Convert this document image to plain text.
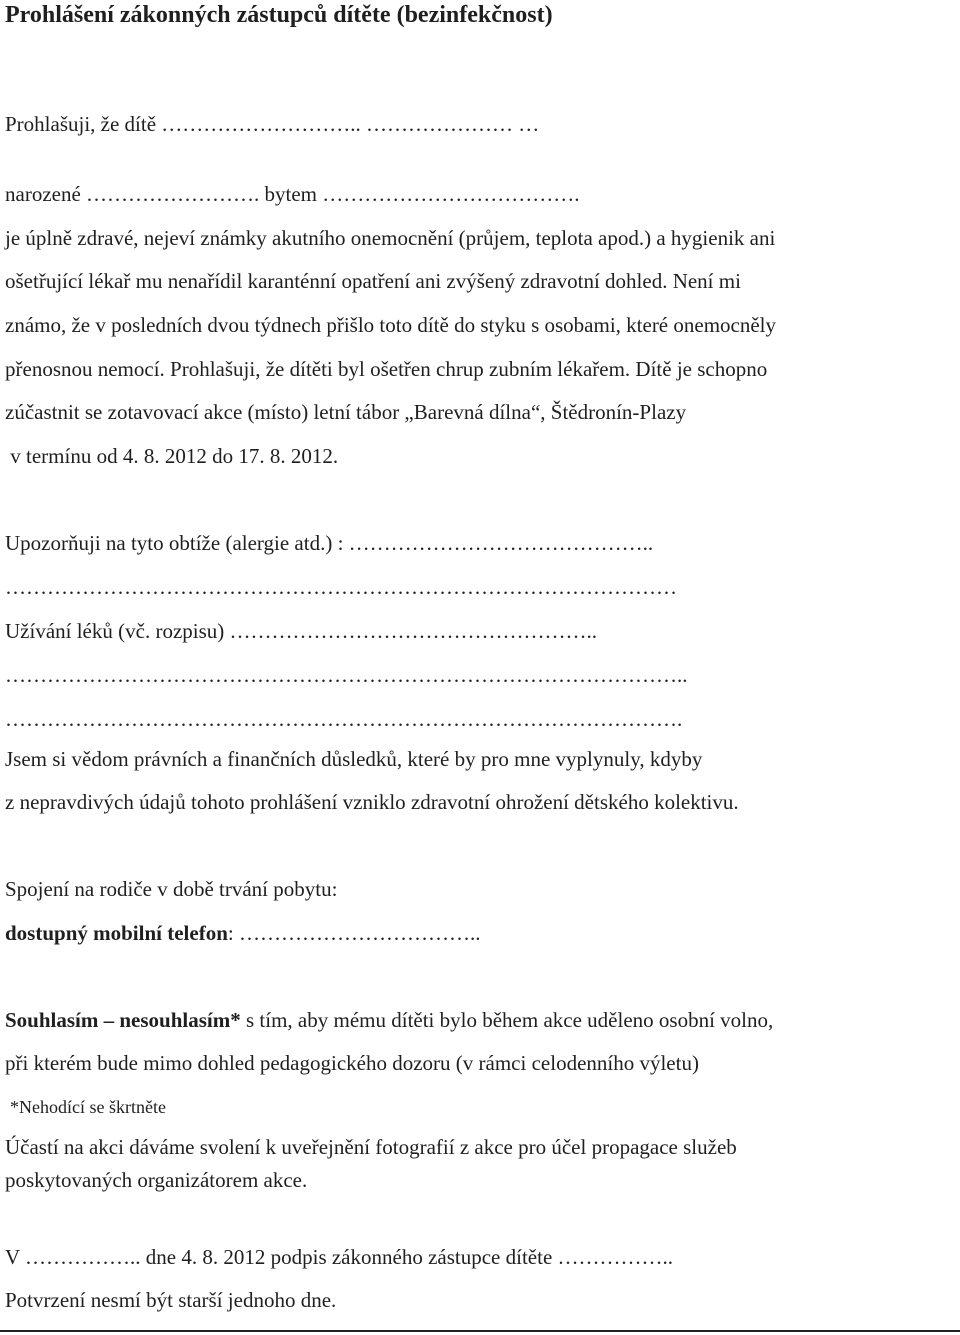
Prohlášení zákonných zástupců dítěte (bezinfekčnost)
Prohlašuji, že dítě ……………………….. ………………… …
narozené ……………………. bytem ……………………………….
je úplně zdravé, nejeví známky akutního onemocnění (průjem, teplota apod.) a hygienik ani
ošetřující lékař mu nenařídil karanténní opatření ani zvýšený zdravotní dohled. Není mi
známo, že v posledních dvou týdnech přišlo toto dítě do styku s osobami, které onemocněly
přenosnou nemocí. Prohlašuji, že dítěti byl ošetřen chrup zubním lékařem. Dítě je schopno
zúčastnit se zotavovací akce (místo) letní tábor „Barevná dílna“, Štědronín-Plazy
v termínu od 4. 8. 2012 do 17. 8. 2012.
Upozorňuji na tyto obtíže (alergie atd.) : ……………………………………..
……………………………………………………………………………………
Užívání léků (vč. rozpisu) ……………………………………………..
……………………………………………………………………………………..
…………………………………………………………………………………….
Jsem si vědom právních a finančních důsledků, které by pro mne vyplynuly, kdyby
z nepravdivých údajů tohoto prohlášení vzniklo zdravotní ohrožení dětského kolektivu.
Spojení na rodiče v době trvání pobytu:
dostupný mobilní telefon: ……………………………..
Souhlasím – nesouhlasím* s tím, aby mému dítěti bylo během akce uděleno osobní volno,
při kterém bude mimo dohled pedagogického dozoru (v rámci celodenního výletu)
*Nehodící se škrtněte
Účastí na akci dáváme svolení k uveřejnění fotografií z akce pro účel propagace služeb
poskytovaných organizátorem akce.
V …………….. dne 4. 8. 2012 podpis zákonného zástupce dítěte ……………..
Potvrzení nesmí být starší jednoho dne.
